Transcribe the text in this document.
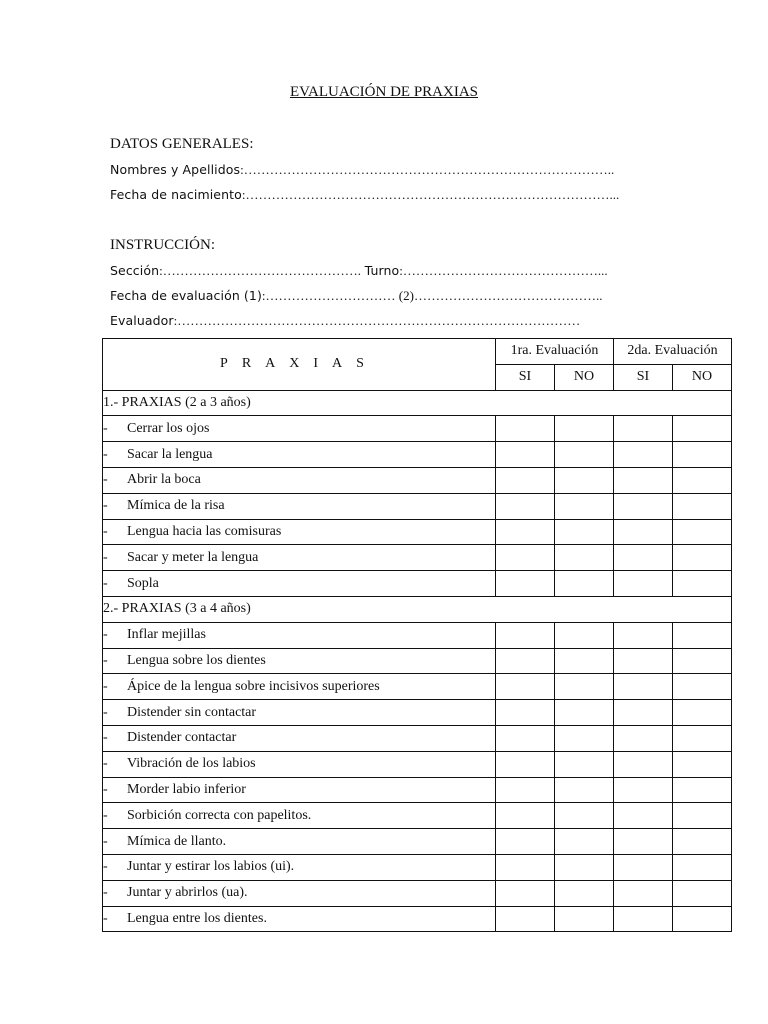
EVALUACIÓN DE PRAXIAS
DATOS GENERALES:
Nombres y Apellidos:…………………………………………………………………………..
Fecha de nacimiento:…………………………………………………………………………...
INSTRUCCIÓN:
Sección:………………………………………. Turno:………………………………………...
Fecha de evaluación (1):………………………… (2)……………………………………..
Evaluador:…………………………………………………………………………………
PRAXIAS	1ra. Evaluación		2da. Evaluación	
	SI	NO	SI	NO
1.- PRAXIAS (2 a 3 años)				
- Cerrar los ojos				
- Sacar la lengua				
- Abrir la boca				
- Mímica de la risa				
- Lengua hacia las comisuras				
- Sacar y meter la lengua				
- Sopla				
2.- PRAXIAS (3 a 4 años)				
- Inflar mejillas				
- Lengua sobre los dientes				
- Ápice de la lengua sobre incisivos superiores				
- Distender sin contactar				
- Distender contactar				
- Vibración de los labios				
- Morder labio inferior				
- Sorbición correcta con papelitos.				
- Mímica de llanto.				
- Juntar y estirar los labios (ui).				
- Juntar y abrirlos (ua).				
- Lengua entre los dientes.				
